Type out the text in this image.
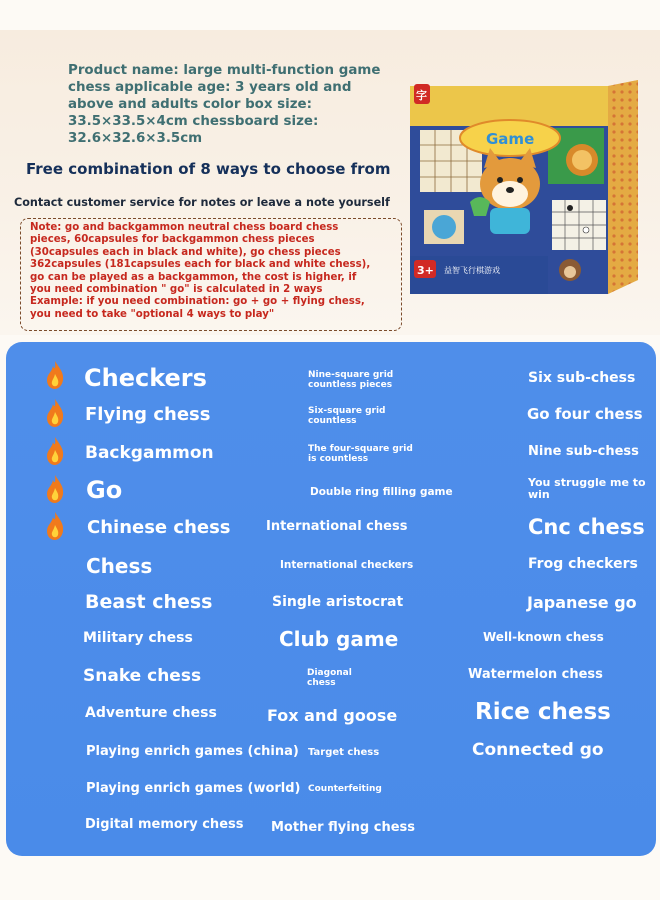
Product name: large multi-function game
chess applicable age: 3 years old and
above and adults color box size:
33.5×33.5×4cm chessboard size:
32.6×32.6×3.5cm
Free combination of 8 ways to choose from
Contact customer service for notes or leave a note yourself
Note: go and backgammon neutral chess board chess
pieces, 60capsules for backgammon chess pieces
(30capsules each in black and white), go chess pieces
362capsules (181capsules each for black and white chess),
go can be played as a backgammon, the cost is higher, if
you need combination " go" is calculated in 2 ways
Example: if you need combination: go + go + flying chess,
you need to take "optional 4 ways to play"
Game
字
3+ 益智飞行棋游戏
Checkers
Flying chess
Backgammon
Go
Chinese chess
Chess
Beast chess
Military chess
Snake chess
Adventure chess
Playing enrich games (china)
Playing enrich games (world)
Digital memory chess
Nine-square grid countless pieces
Six-square grid countless
The four-square grid is countless
Double ring filling game
International chess
International checkers
Single aristocrat
Club game
Diagonal chess
Fox and goose
Target chess
Counterfeiting
Mother flying chess
Six sub-chess
Go four chess
Nine sub-chess
You struggle me to win
Cnc chess
Frog checkers
Japanese go
Well-known chess
Watermelon chess
Rice chess
Connected go
